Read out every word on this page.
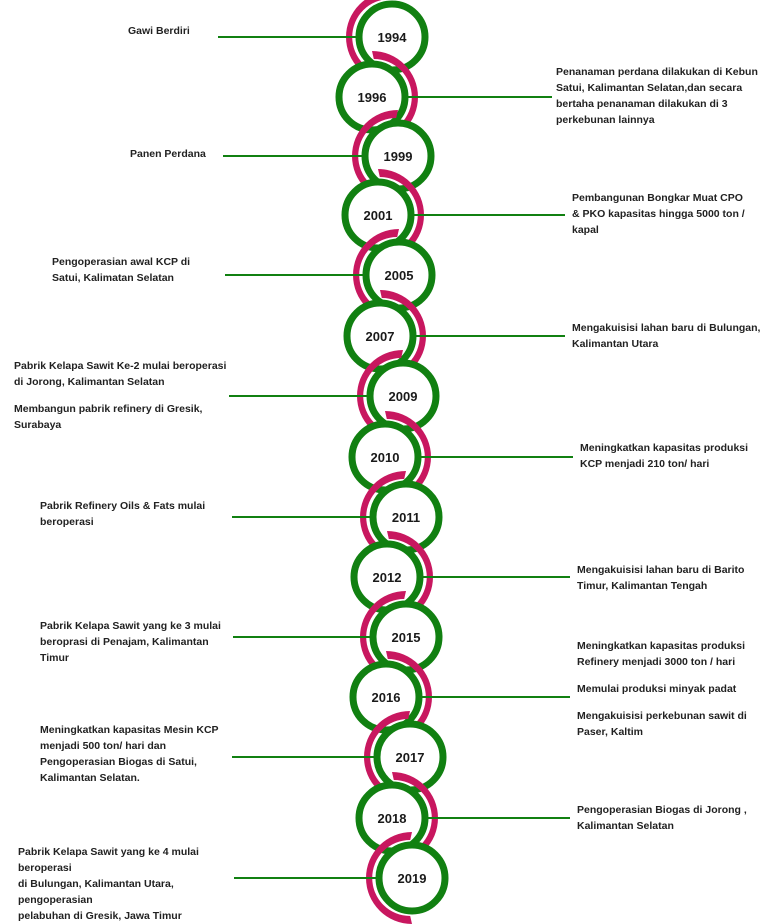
1994
1996
1999
2001
2005
2007
2009
2010
2011
2012
2015
2016
2017
2018
2019

Gawi Berdiri

Penanaman perdana dilakukan di Kebun
Satui, Kalimantan Selatan,dan secara
bertaha penanaman dilakukan di 3
perkebunan lainnya

Panen Perdana

Pembangunan Bongkar Muat CPO
& PKO kapasitas hingga 5000 ton /
kapal

Pengoperasian awal KCP di
Satui, Kalimatan Selatan

Mengakuisisi lahan baru di Bulungan,
Kalimantan Utara

Pabrik Kelapa Sawit Ke-2 mulai beroperasi
di Jorong, Kalimantan Selatan

Membangun pabrik refinery di Gresik,
Surabaya

Meningkatkan kapasitas produksi
KCP menjadi 210 ton/ hari

Pabrik Refinery Oils & Fats mulai
beroperasi

Mengakuisisi lahan baru di Barito
Timur, Kalimantan Tengah

Pabrik Kelapa Sawit yang ke 3 mulai
beroprasi di Penajam, Kalimantan
Timur

Meningkatkan kapasitas produksi
Refinery menjadi 3000 ton / hari

Memulai produksi minyak padat

Mengakuisisi perkebunan sawit di
Paser, Kaltim

Meningkatkan kapasitas Mesin KCP
menjadi 500 ton/ hari dan
Pengoperasian Biogas di Satui,
Kalimantan Selatan.

Pengoperasian Biogas di Jorong ,
Kalimantan Selatan

Pabrik Kelapa Sawit yang ke 4 mulai beroperasi
di Bulungan, Kalimantan Utara, pengoperasian
pelabuhan di Gresik, Jawa Timur
